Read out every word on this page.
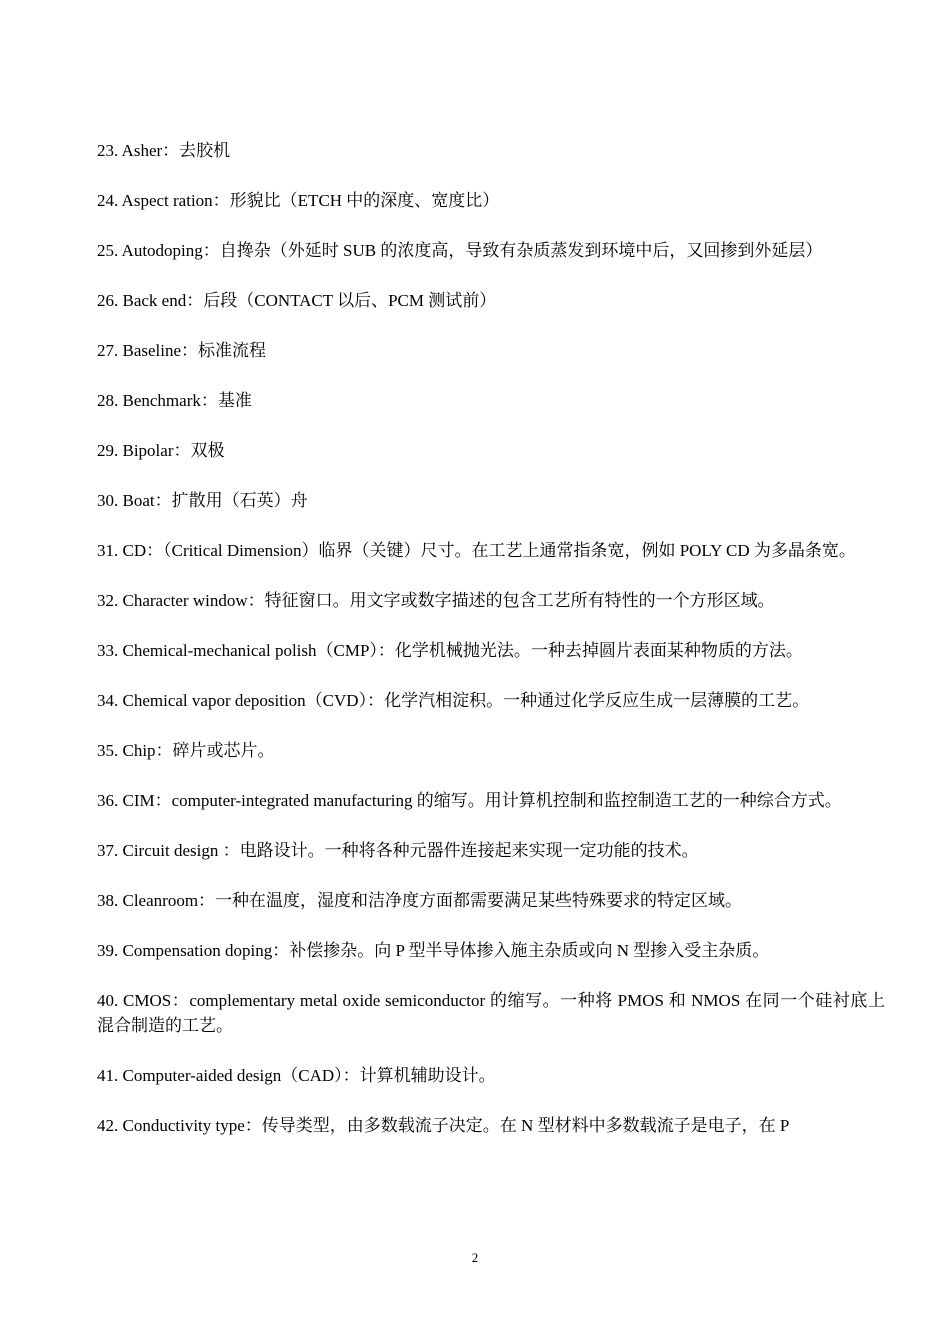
23. Asher：去胶机
24. Aspect ration：形貌比（ETCH 中的深度、宽度比）
25. Autodoping：自搀杂（外延时 SUB 的浓度高，导致有杂质蒸发到环境中后，又回掺到外延层）
26. Back end：后段（CONTACT 以后、PCM 测试前）
27. Baseline：标准流程
28. Benchmark：基准
29. Bipolar：双极
30. Boat：扩散用（石英）舟
31. CD：（Critical Dimension）临界（关键）尺寸。在工艺上通常指条宽，例如 POLY CD 为多晶条宽。
32. Character window：特征窗口。用文字或数字描述的包含工艺所有特性的一个方形区域。
33. Chemical-mechanical polish（CMP）：化学机械抛光法。一种去掉圆片表面某种物质的方法。
34. Chemical vapor deposition（CVD）：化学汽相淀积。一种通过化学反应生成一层薄膜的工艺。
35. Chip：碎片或芯片。
36. CIM：computer-integrated manufacturing 的缩写。用计算机控制和监控制造工艺的一种综合方式。
37. Circuit design ：电路设计。一种将各种元器件连接起来实现一定功能的技术。
38. Cleanroom：一种在温度，湿度和洁净度方面都需要满足某些特殊要求的特定区域。
39. Compensation doping：补偿掺杂。向 P 型半导体掺入施主杂质或向 N 型掺入受主杂质。
40. CMOS：complementary metal oxide semiconductor 的缩写。一种将 PMOS 和 NMOS 在同一个硅衬底上混合制造的工艺。
41. Computer-aided design（CAD）：计算机辅助设计。
42. Conductivity type：传导类型，由多数载流子决定。在 N 型材料中多数载流子是电子，在 P
2
